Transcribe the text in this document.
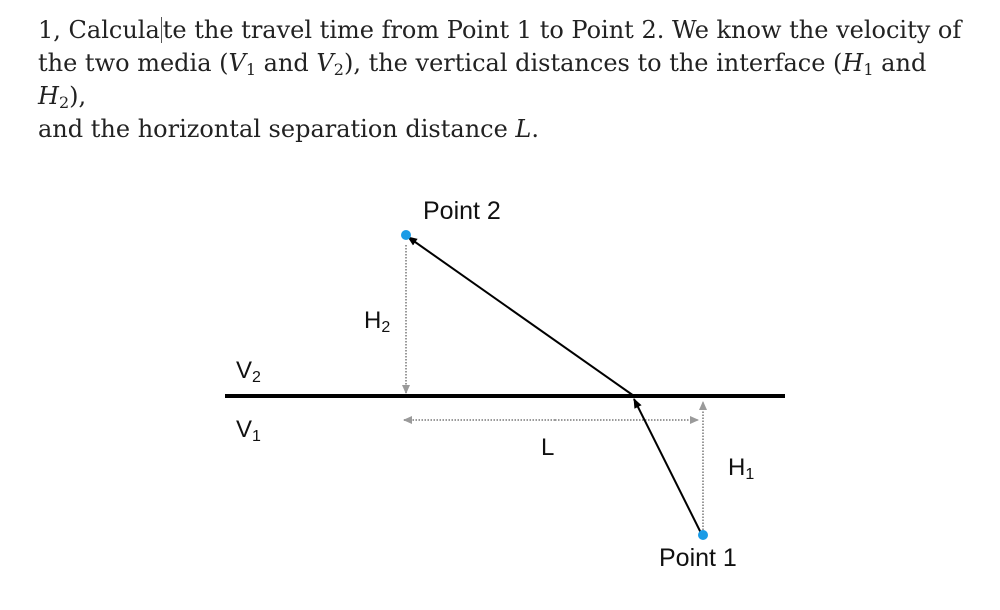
1, Calcula te the travel time from Point 1 to Point 2. We know the velocity of

the two media ($V_1$ and $V_2$), the vertical distances to the interface ($H_1$ and $H_2$),

and the horizontal separation distance L.

Point 2
Point 1
H2
H1
V2
V1	L
